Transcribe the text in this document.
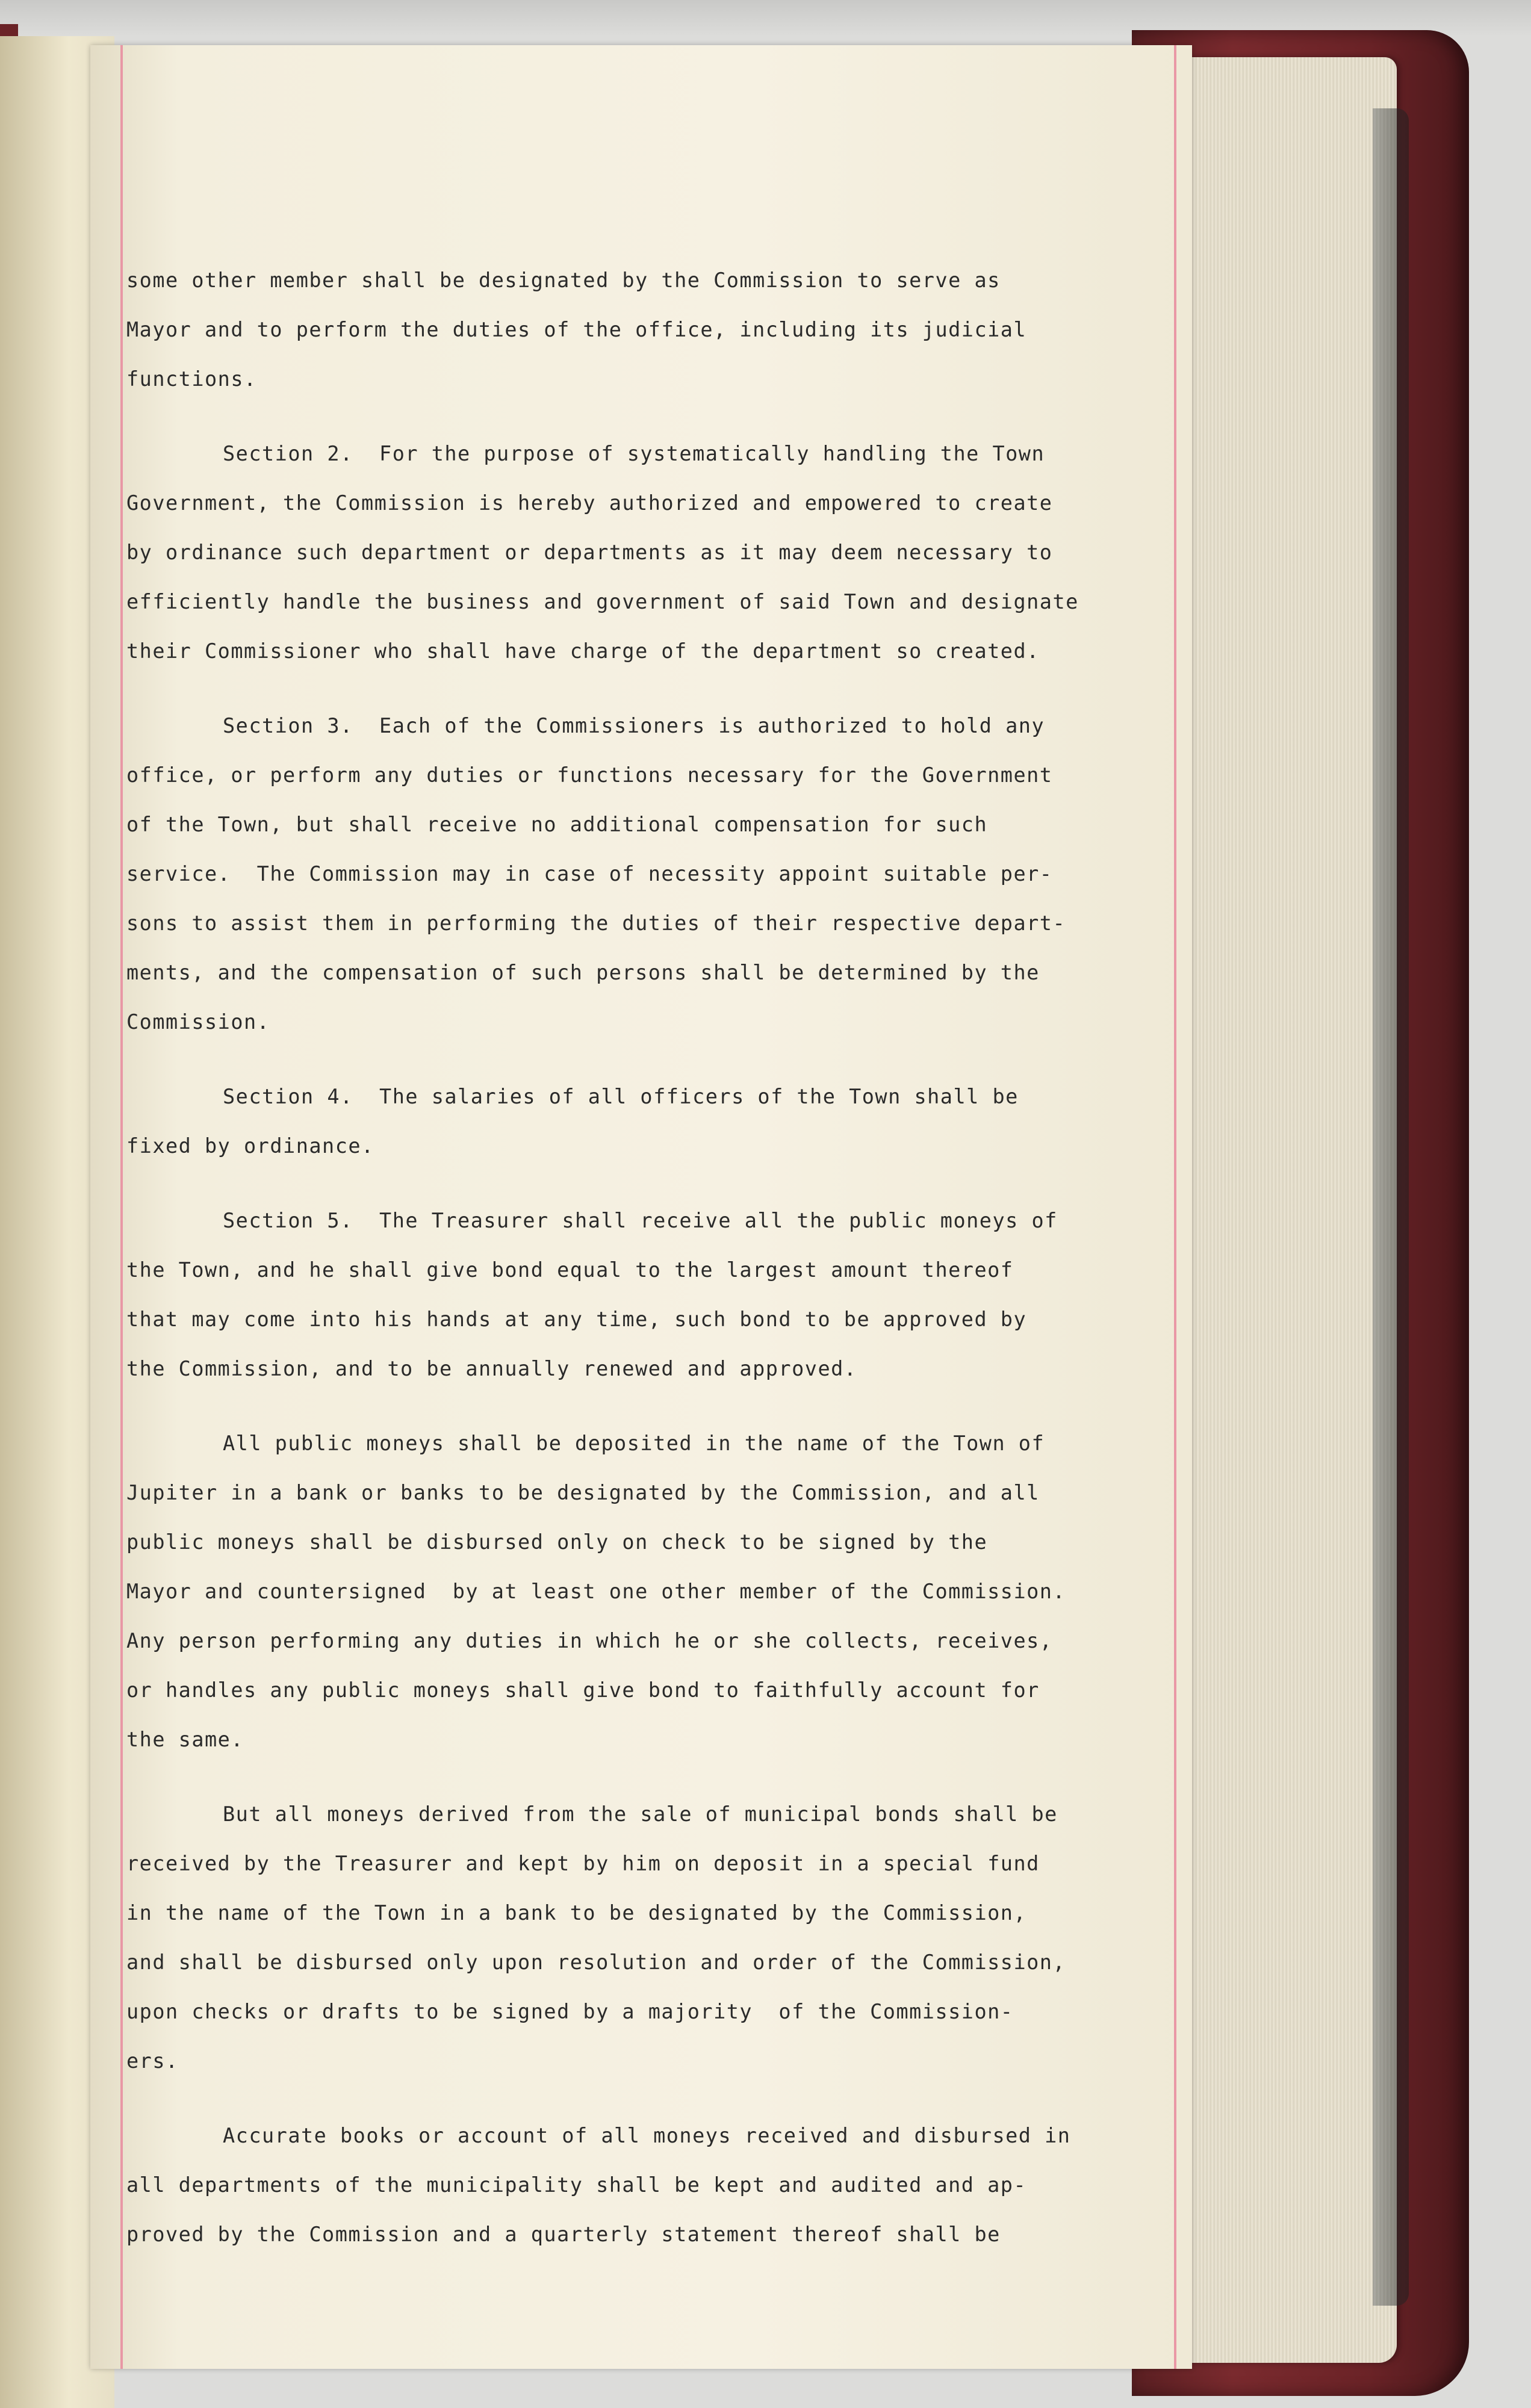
some other member shall be designated by the Commission to serve as
Mayor and to perform the duties of the office, including its judicial
functions.
Section 2.  For the purpose of systematically handling the Town
Government, the Commission is hereby authorized and empowered to create
by ordinance such department or departments as it may deem necessary to
efficiently handle the business and government of said Town and designate
their Commissioner who shall have charge of the department so created.
Section 3.  Each of the Commissioners is authorized to hold any
office, or perform any duties or functions necessary for the Government
of the Town, but shall receive no additional compensation for such
service.  The Commission may in case of necessity appoint suitable per-
sons to assist them in performing the duties of their respective depart-
ments, and the compensation of such persons shall be determined by the
Commission.
Section 4.  The salaries of all officers of the Town shall be
fixed by ordinance.
Section 5.  The Treasurer shall receive all the public moneys of
the Town, and he shall give bond equal to the largest amount thereof
that may come into his hands at any time, such bond to be approved by
the Commission, and to be annually renewed and approved.
All public moneys shall be deposited in the name of the Town of
Jupiter in a bank or banks to be designated by the Commission, and all
public moneys shall be disbursed only on check to be signed by the
Mayor and countersigned  by at least one other member of the Commission.
Any person performing any duties in which he or she collects, receives,
or handles any public moneys shall give bond to faithfully account for
the same.
But all moneys derived from the sale of municipal bonds shall be
received by the Treasurer and kept by him on deposit in a special fund
in the name of the Town in a bank to be designated by the Commission,
and shall be disbursed only upon resolution and order of the Commission,
upon checks or drafts to be signed by a majority  of the Commission-
ers.
Accurate books or account of all moneys received and disbursed in
all departments of the municipality shall be kept and audited and ap-
proved by the Commission and a quarterly statement thereof shall be
